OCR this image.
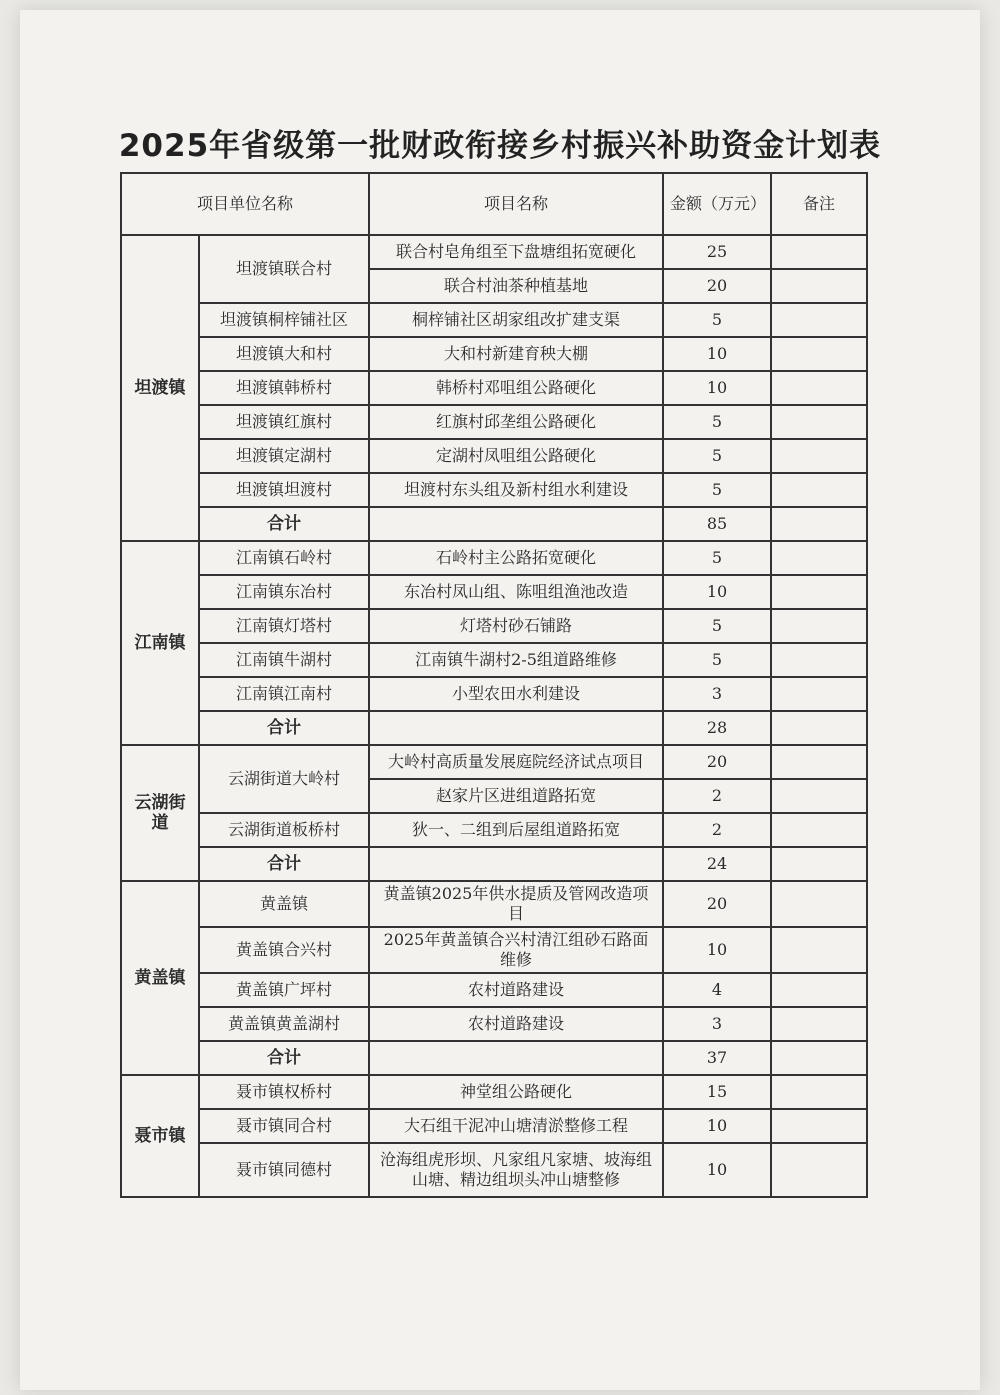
2025年省级第一批财政衔接乡村振兴补助资金计划表
项目单位名称		项目名称	金额（万元）	备注
坦渡镇	坦渡镇联合村	联合村皂角组至下盘塘组拓宽硬化	25	
		联合村油茶种植基地	20	
	坦渡镇桐梓铺社区	桐梓铺社区胡家组改扩建支渠	5	
	坦渡镇大和村	大和村新建育秧大棚	10	
	坦渡镇韩桥村	韩桥村邓咀组公路硬化	10	
	坦渡镇红旗村	红旗村邱垄组公路硬化	5	
	坦渡镇定湖村	定湖村凤咀组公路硬化	5	
	坦渡镇坦渡村	坦渡村东头组及新村组水利建设	5	
	合计		85	
江南镇	江南镇石岭村	石岭村主公路拓宽硬化	5	
	江南镇东冶村	东冶村凤山组、陈咀组渔池改造	10	
	江南镇灯塔村	灯塔村砂石铺路	5	
	江南镇牛湖村	江南镇牛湖村2-5组道路维修	5	
	江南镇江南村	小型农田水利建设	3	
	合计		28	
云湖街道	云湖街道大岭村	大岭村高质量发展庭院经济试点项目	20	
		赵家片区进组道路拓宽	2	
	云湖街道板桥村	狄一、二组到后屋组道路拓宽	2	
	合计		24	
黄盖镇	黄盖镇	黄盖镇2025年供水提质及管网改造项目	20	
	黄盖镇合兴村	2025年黄盖镇合兴村清江组砂石路面维修	10	
	黄盖镇广坪村	农村道路建设	4	
	黄盖镇黄盖湖村	农村道路建设	3	
	合计		37	
聂市镇	聂市镇权桥村	神堂组公路硬化	15	
	聂市镇同合村	大石组干泥冲山塘清淤整修工程	10	
	聂市镇同德村	沧海组虎形坝、凡家组凡家塘、坡海组山塘、精边组坝头冲山塘整修	10	
